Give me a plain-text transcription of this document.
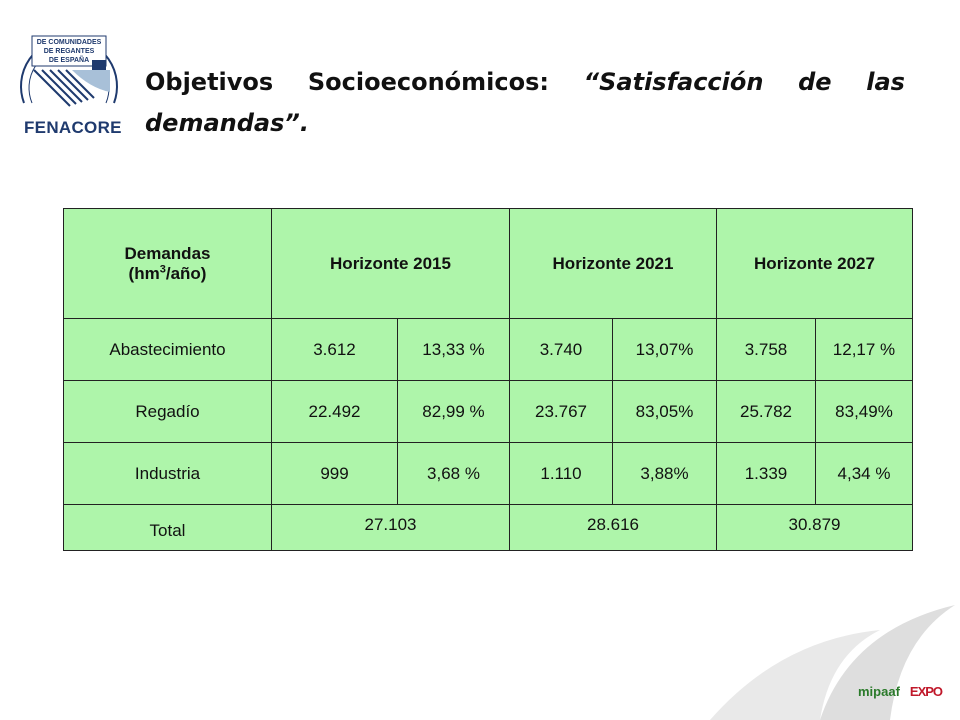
DE COMUNIDADES
DE REGANTES
DE ESPAÑA
FENACORE
Objetivos Socioeconómicos: “Satisfacción de las
demandas”.
Demandas
$(hm^3/año)$	Horizonte 2015		Horizonte 2021		Horizonte 2027	
Abastecimiento	3.612	13,33 %	3.740	13,07%	3.758	12,17 %
Regadío	22.492	82,99 %	23.767	83,05%	25.782	83,49%
Industria	999	3,68 %	1.110	3,88%	1.339	4,34 %
Total	27.103		28.616		30.879	
mipaaf EXPO
